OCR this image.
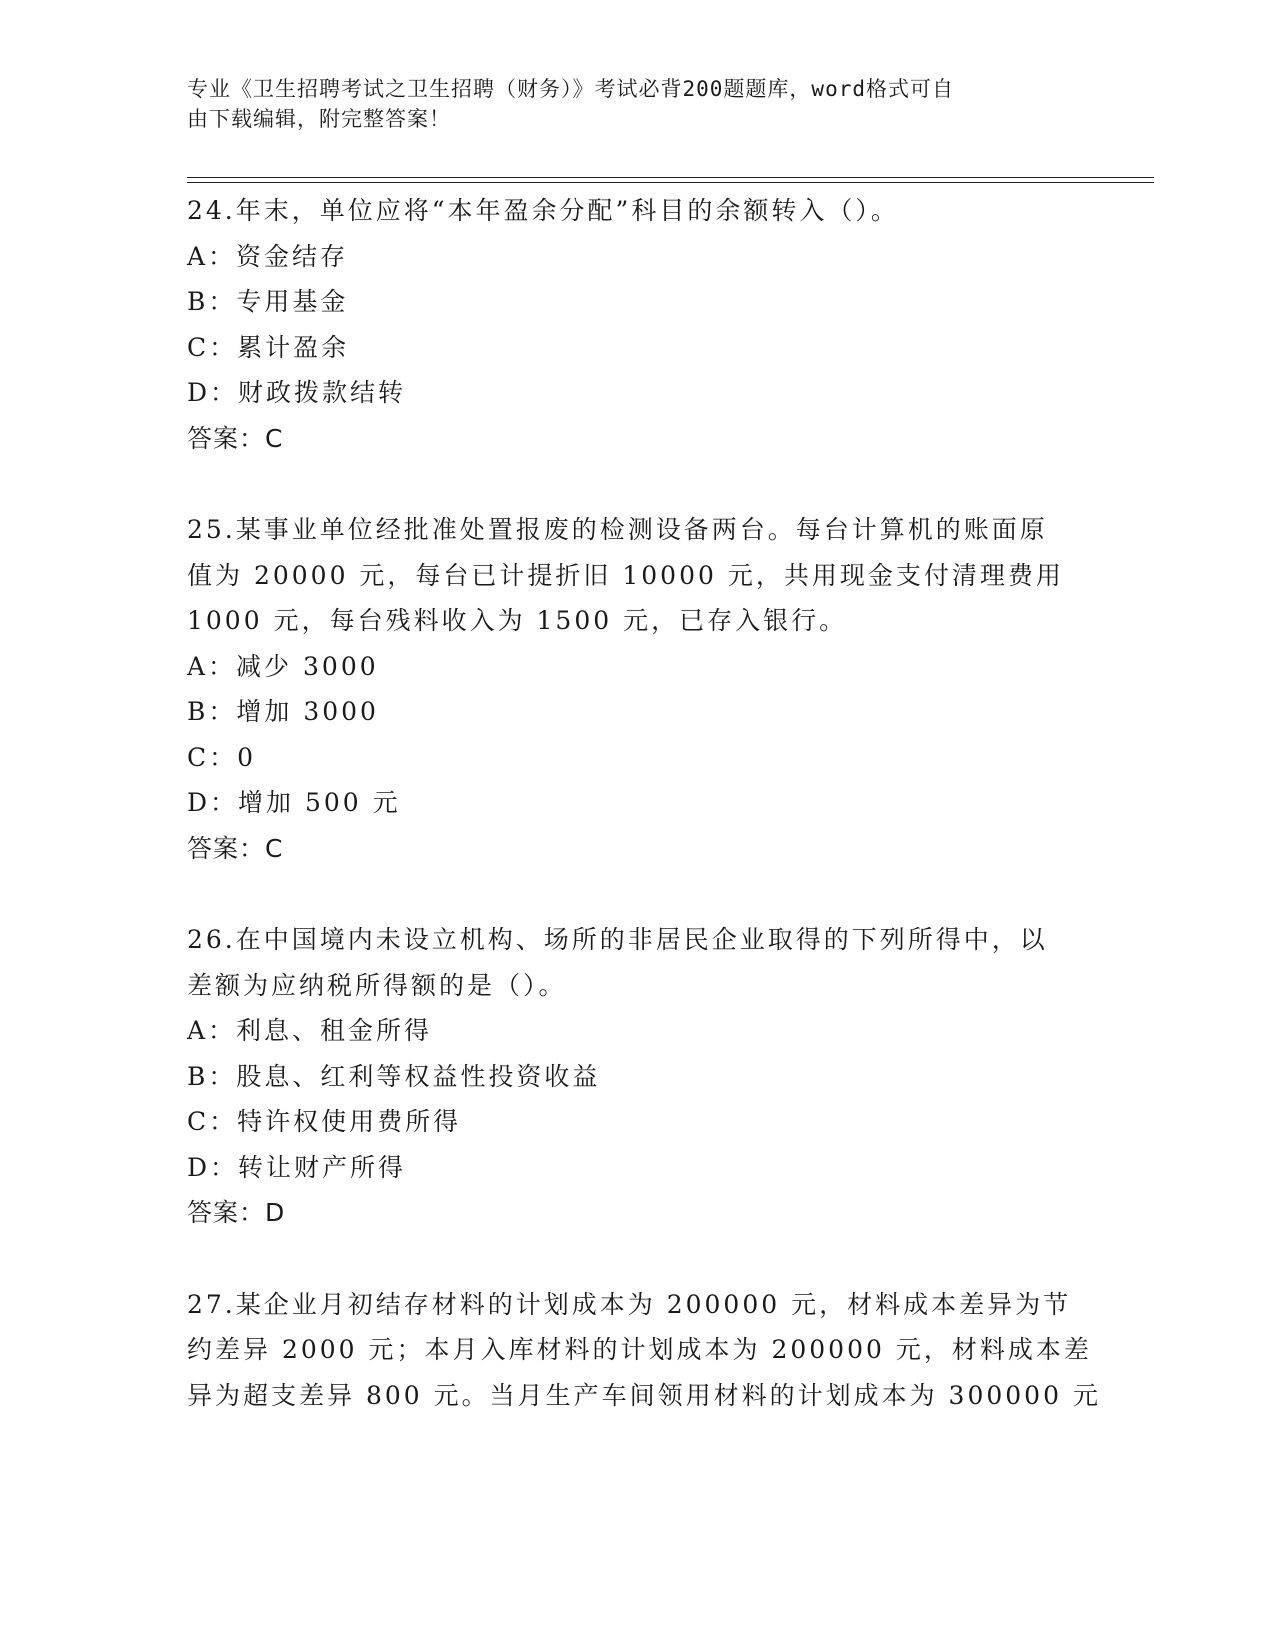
专业《卫生招聘考试之卫生招聘（财务）》考试必背200题题库，word格式可自
由下载编辑，附完整答案！
24.年末，单位应将“本年盈余分配”科目的余额转入（）。
A：资金结存
B：专用基金
C：累计盈余
D：财政拨款结转
答案：C
25.某事业单位经批准处置报废的检测设备两台。每台计算机的账面原
值为 20000 元，每台已计提折旧 10000 元，共用现金支付清理费用
1000 元，每台残料收入为 1500 元，已存入银行。
A：减少 3000
B：增加 3000
C：0
D：增加 500 元
答案：C
26.在中国境内未设立机构、场所的非居民企业取得的下列所得中，以
差额为应纳税所得额的是（）。
A：利息、租金所得
B：股息、红利等权益性投资收益
C：特许权使用费所得
D：转让财产所得
答案：D
27.某企业月初结存材料的计划成本为 200000 元，材料成本差异为节
约差异 2000 元；本月入库材料的计划成本为 200000 元，材料成本差
异为超支差异 800 元。当月生产车间领用材料的计划成本为 300000 元
